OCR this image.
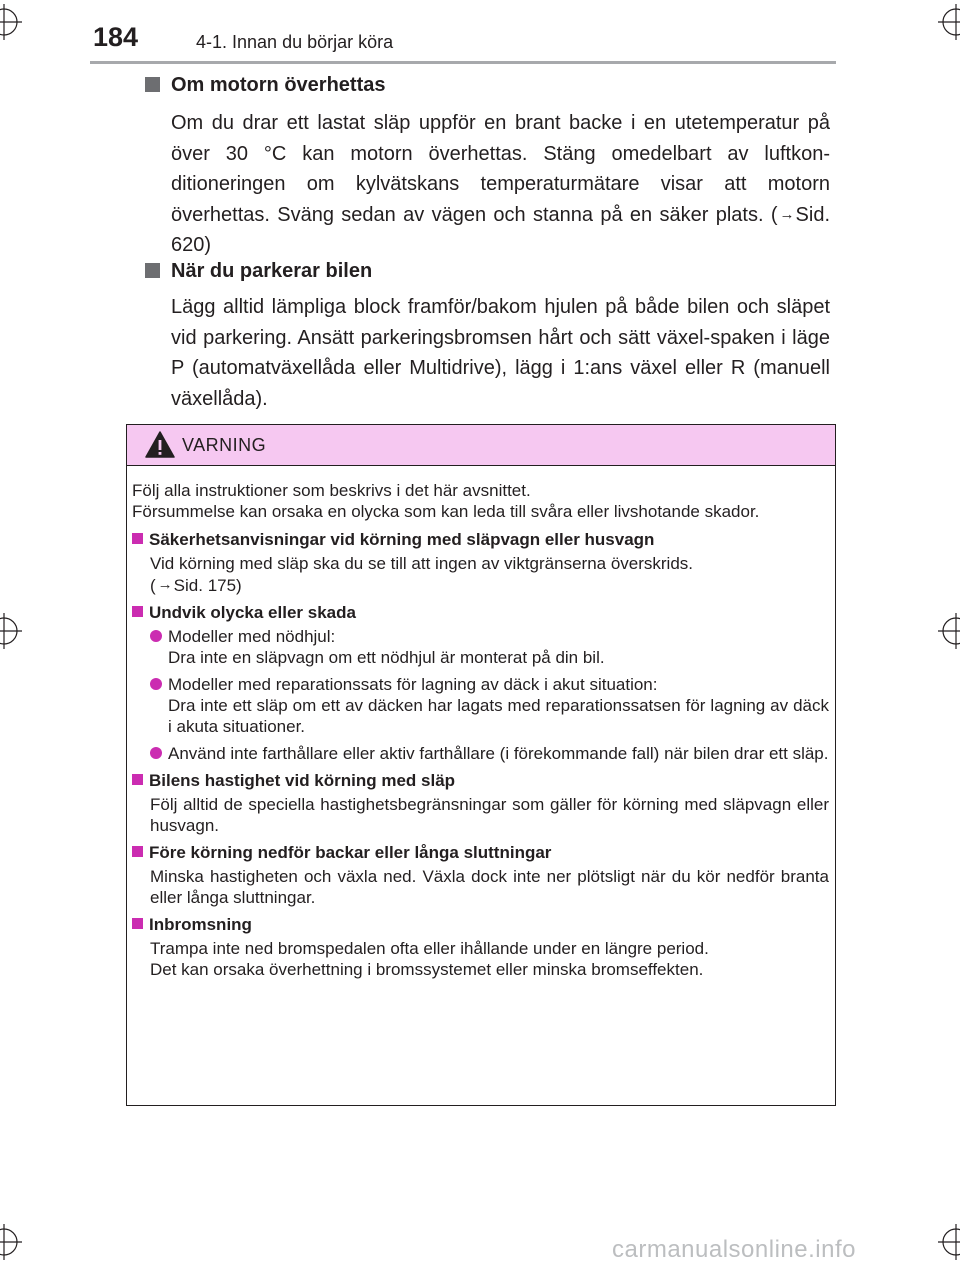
184	4-1. Innan du börjar köra
Om motorn överhettas
Om du drar ett lastat släp uppför en brant backe i en utetemperatur på över 30 °C kan motorn överhettas. Stäng omedelbart av luftkon-ditioneringen om kylvätskans temperaturmätare visar att motorn överhettas. Sväng sedan av vägen och stanna på en säker plats. ( →Sid. 620)
När du parkerar bilen
Lägg alltid lämpliga block framför/bakom hjulen på både bilen och släpet vid parkering. Ansätt parkeringsbromsen hårt och sätt växel-spaken i läge P (automatväxellåda eller Multidrive), lägg i 1:ans växel eller R (manuell växellåda).
VARNING
Följ alla instruktioner som beskrivs i det här avsnittet.
Försummelse kan orsaka en olycka som kan leda till svåra eller livshotande skador.
Säkerhetsanvisningar vid körning med släpvagn eller husvagn
Vid körning med släp ska du se till att ingen av viktgränserna överskrids.
( →Sid. 175)
Undvik olycka eller skada
Modeller med nödhjul:
Dra inte en släpvagn om ett nödhjul är monterat på din bil.
Modeller med reparationssats för lagning av däck i akut situation:
Dra inte ett släp om ett av däcken har lagats med reparationssatsen för lagning av däck i akuta situationer.
Använd inte farthållare eller aktiv farthållare (i förekommande fall) när bilen drar ett släp.
Bilens hastighet vid körning med släp
Följ alltid de speciella hastighetsbegränsningar som gäller för körning med släpvagn eller husvagn.
Före körning nedför backar eller långa sluttningar
Minska hastigheten och växla ned. Växla dock inte ner plötsligt när du kör nedför branta eller långa sluttningar.
Inbromsning
Trampa inte ned bromspedalen ofta eller ihållande under en längre period.
Det kan orsaka överhettning i bromssystemet eller minska bromseffekten.
carmanualsonline.info
